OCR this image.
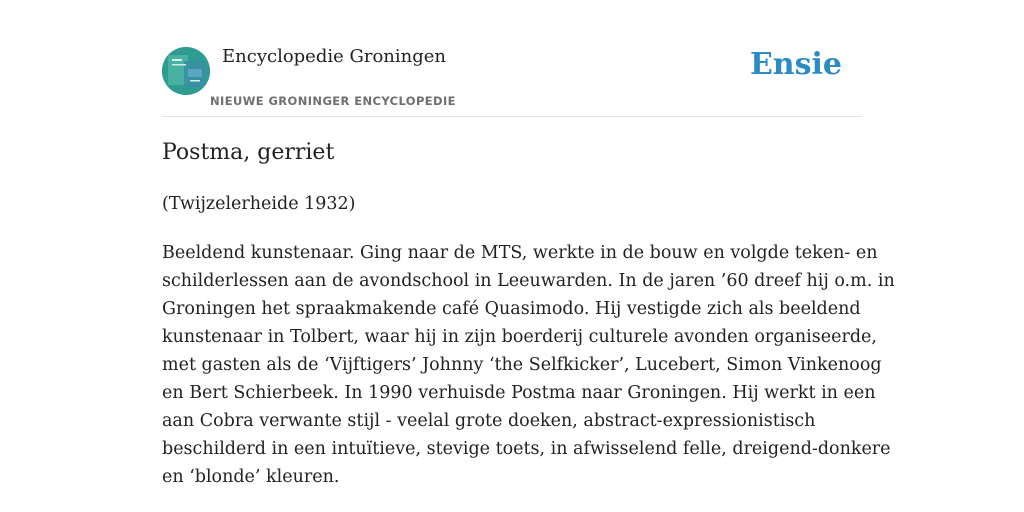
Encyclopedie Groningen
NIEUWE GRONINGER ENCYCLOPEDIE
Ensie
Postma, gerriet

(Twijzelerheide 1932)

Beeldend kunstenaar. Ging naar de MTS, werkte in de bouw en volgde teken- en
schilderlessen aan de avondschool in Leeuwarden. In de jaren ’60 dreef hij o.m. in
Groningen het spraakmakende café Quasimodo. Hij vestigde zich als beeldend
kunstenaar in Tolbert, waar hij in zijn boerderij culturele avonden organiseerde,
met gasten als de ‘Vijftigers’ Johnny ‘the Selfkicker’, Lucebert, Simon Vinkenoog
en Bert Schierbeek. In 1990 verhuisde Postma naar Groningen. Hij werkt in een
aan Cobra verwante stijl - veelal grote doeken, abstract-expressionistisch
beschilderd in een intuïtieve, stevige toets, in afwisselend felle, dreigend-donkere
en ‘blonde’ kleuren.
